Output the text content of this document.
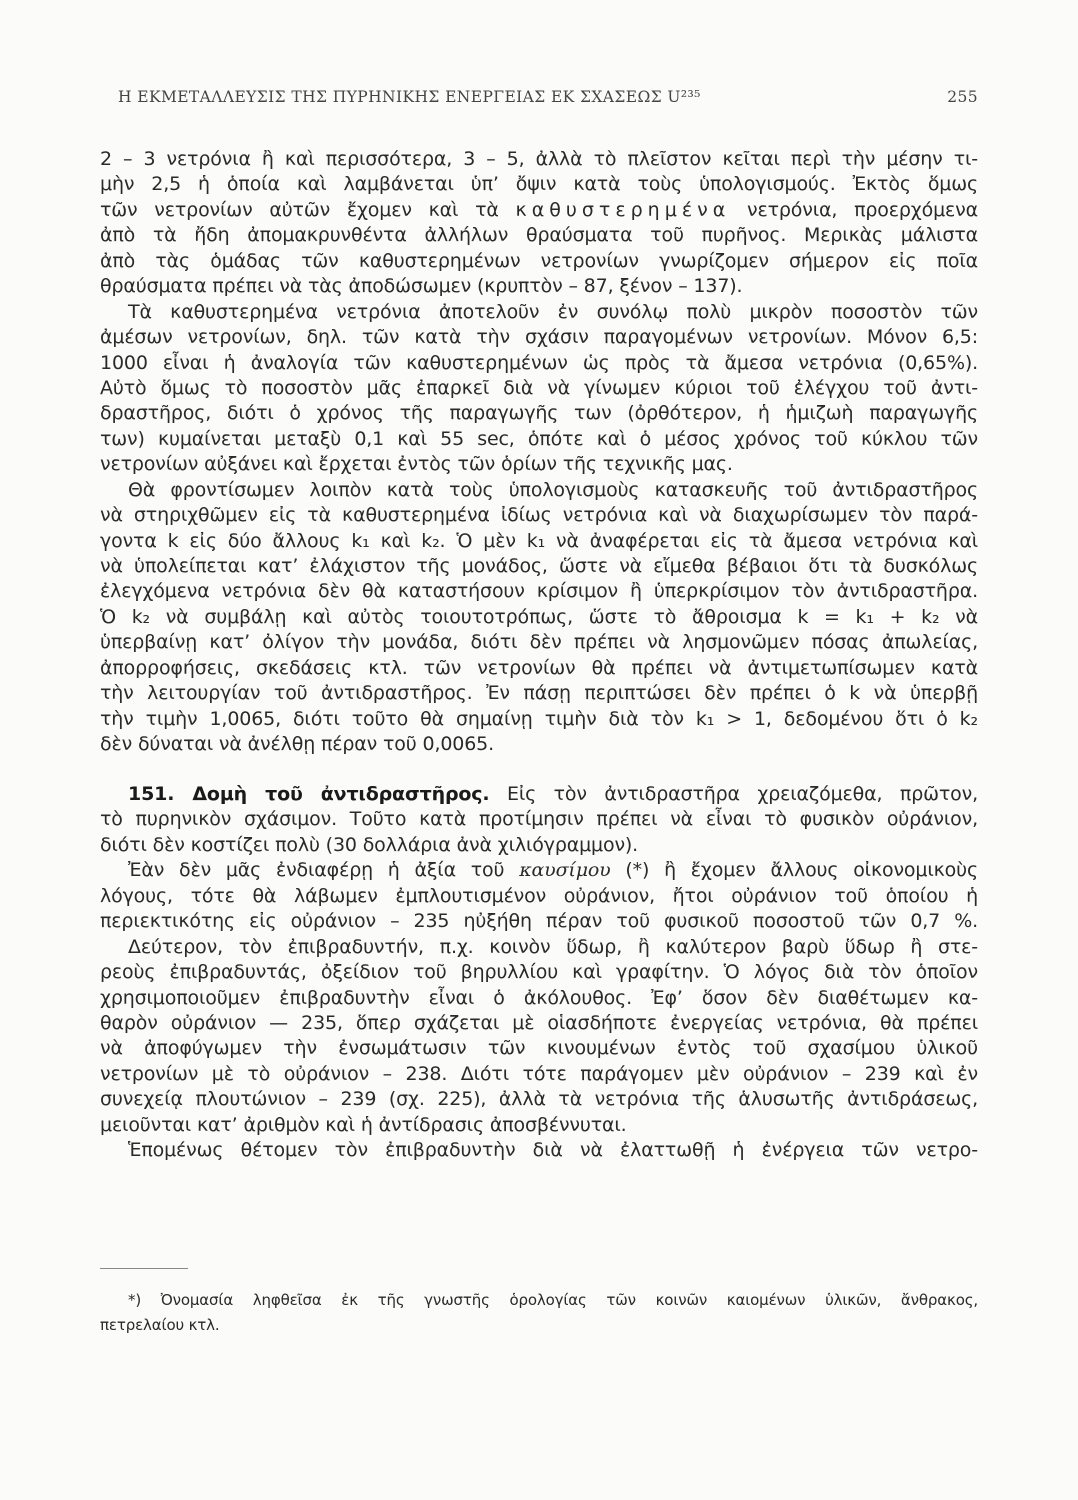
Η ΕΚΜΕΤΑΛΛΕΥΣΙΣ ΤΗΣ ΠΥΡΗΝΙΚΗΣ ΕΝΕΡΓΕΙΑΣ ΕΚ ΣΧΑΣΕΩΣ U²³⁵	255
2 – 3 νετρόνια ἢ καὶ περισσότερα, 3 – 5, ἀλλὰ τὸ πλεῖστον κεῖται περὶ τὴν μέσην τι-
μὴν 2,5 ἡ ὁποία καὶ λαμβάνεται ὑπ’ ὄψιν κατὰ τοὺς ὑπολογισμούς. Ἐκτὸς ὅμως
τῶν νετρονίων αὐτῶν ἔχομεν καὶ τὰ καθυστερημένα νετρόνια, προερχόμενα
ἀπὸ τὰ ἤδη ἀπομακρυνθέντα ἀλλήλων θραύσματα τοῦ πυρῆνος. Μερικὰς μάλιστα
ἀπὸ τὰς ὁμάδας τῶν καθυστερημένων νετρονίων γνωρίζομεν σήμερον εἰς ποῖα
θραύσματα πρέπει νὰ τὰς ἀποδώσωμεν (κρυπτὸν – 87, ξένον – 137).
Τὰ καθυστερημένα νετρόνια ἀποτελοῦν ἐν συνόλῳ πολὺ μικρὸν ποσοστὸν τῶν
ἀμέσων νετρονίων, δηλ. τῶν κατὰ τὴν σχάσιν παραγομένων νετρονίων. Μόνον 6,5:
1000 εἶναι ἡ ἀναλογία τῶν καθυστερημένων ὡς πρὸς τὰ ἄμεσα νετρόνια (0,65%).
Αὐτὸ ὅμως τὸ ποσοστὸν μᾶς ἐπαρκεῖ διὰ νὰ γίνωμεν κύριοι τοῦ ἐλέγχου τοῦ ἀντι-
δραστῆρος, διότι ὁ χρόνος τῆς παραγωγῆς των (ὀρθότερον, ἡ ἡμιζωὴ παραγωγῆς
των) κυμαίνεται μεταξὺ 0,1 καὶ 55 sec, ὁπότε καὶ ὁ μέσος χρόνος τοῦ κύκλου τῶν
νετρονίων αὐξάνει καὶ ἔρχεται ἐντὸς τῶν ὁρίων τῆς τεχνικῆς μας.
Θὰ φροντίσωμεν λοιπὸν κατὰ τοὺς ὑπολογισμοὺς κατασκευῆς τοῦ ἀντιδραστῆρος
νὰ στηριχθῶμεν εἰς τὰ καθυστερημένα ἰδίως νετρόνια καὶ νὰ διαχωρίσωμεν τὸν παρά-
γοντα k εἰς δύο ἄλλους k₁ καὶ k₂. Ὁ μὲν k₁ νὰ ἀναφέρεται εἰς τὰ ἄμεσα νετρόνια καὶ
νὰ ὑπολείπεται κατ’ ἐλάχιστον τῆς μονάδος, ὥστε νὰ εἴμεθα βέβαιοι ὅτι τὰ δυσκόλως
ἐλεγχόμενα νετρόνια δὲν θὰ καταστήσουν κρίσιμον ἢ ὑπερκρίσιμον τὸν ἀντιδραστῆρα.
Ὁ k₂ νὰ συμβάλῃ καὶ αὐτὸς τοιουτοτρόπως, ὥστε τὸ ἄθροισμα k = k₁ + k₂ νὰ
ὑπερβαίνῃ κατ’ ὀλίγον τὴν μονάδα, διότι δὲν πρέπει νὰ λησμονῶμεν πόσας ἀπωλείας,
ἀπορροφήσεις, σκεδάσεις κτλ. τῶν νετρονίων θὰ πρέπει νὰ ἀντιμετωπίσωμεν κατὰ
τὴν λειτουργίαν τοῦ ἀντιδραστῆρος. Ἐν πάσῃ περιπτώσει δὲν πρέπει ὁ k νὰ ὑπερβῇ
τὴν τιμὴν 1,0065, διότι τοῦτο θὰ σημαίνῃ τιμὴν διὰ τὸν k₁ > 1, δεδομένου ὅτι ὁ k₂
δὲν δύναται νὰ ἀνέλθῃ πέραν τοῦ 0,0065.
151. Δομὴ τοῦ ἀντιδραστῆρος. Εἰς τὸν ἀντιδραστῆρα χρειαζόμεθα, πρῶτον,
τὸ πυρηνικὸν σχάσιμον. Τοῦτο κατὰ προτίμησιν πρέπει νὰ εἶναι τὸ φυσικὸν οὐράνιον,
διότι δὲν κοστίζει πολὺ (30 δολλάρια ἀνὰ χιλιόγραμμον).
Ἐὰν δὲν μᾶς ἐνδιαφέρῃ ἡ ἀξία τοῦ καυσίμου (*) ἢ ἔχομεν ἄλλους οἰκονομικοὺς
λόγους, τότε θὰ λάβωμεν ἐμπλουτισμένον οὐράνιον, ἤτοι οὐράνιον τοῦ ὁποίου ἡ
περιεκτικότης εἰς οὐράνιον – 235 ηὐξήθη πέραν τοῦ φυσικοῦ ποσοστοῦ τῶν 0,7 %.
Δεύτερον, τὸν ἐπιβραδυντήν, π.χ. κοινὸν ὕδωρ, ἢ καλύτερον βαρὺ ὕδωρ ἢ στε-
ρεοὺς ἐπιβραδυντάς, ὀξείδιον τοῦ βηρυλλίου καὶ γραφίτην. Ὁ λόγος διὰ τὸν ὁποῖον
χρησιμοποιοῦμεν ἐπιβραδυντὴν εἶναι ὁ ἀκόλουθος. Ἐφ’ ὅσον δὲν διαθέτωμεν κα-
θαρὸν οὐράνιον — 235, ὅπερ σχάζεται μὲ οἱασδήποτε ἐνεργείας νετρόνια, θὰ πρέπει
νὰ ἀποφύγωμεν τὴν ἐνσωμάτωσιν τῶν κινουμένων ἐντὸς τοῦ σχασίμου ὑλικοῦ
νετρονίων μὲ τὸ οὐράνιον – 238. Διότι τότε παράγομεν μὲν οὐράνιον – 239 καὶ ἐν
συνεχείᾳ πλουτώνιον – 239 (σχ. 225), ἀλλὰ τὰ νετρόνια τῆς ἁλυσωτῆς ἀντιδράσεως,
μειοῦνται κατ’ ἀριθμὸν καὶ ἡ ἀντίδρασις ἀποσβέννυται.
Ἑπομένως θέτομεν τὸν ἐπιβραδυντὴν διὰ νὰ ἐλαττωθῇ ἡ ἐνέργεια τῶν νετρο-
*) Ὀνομασία ληφθεῖσα ἐκ τῆς γνωστῆς ὁρολογίας τῶν κοινῶν καιομένων ὑλικῶν, ἄνθρακος,
πετρελαίου κτλ.
